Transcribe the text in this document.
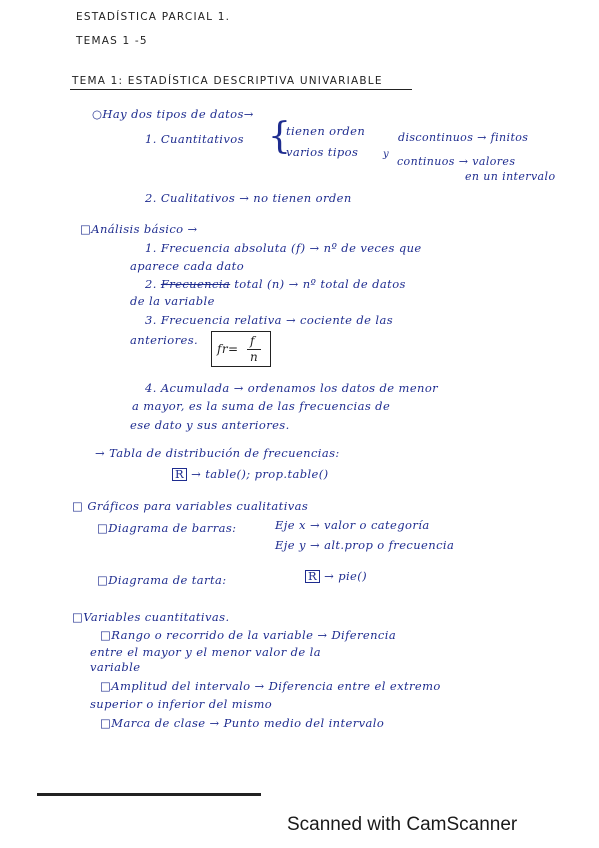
ESTADÍSTICA PARCIAL 1.
TEMAS 1 -5
TEMA 1: ESTADÍSTICA DESCRIPTIVA UNIVARIABLE
○Hay dos tipos de datos→
1. Cuantitativos {
tienen orden
varios tipos y
discontinuos → finitos
continuos → valores
en un intervalo
2. Cualitativos → no tienen orden
□Análisis básico →
1. Frecuencia absoluta (f) → nº de veces que
aparece cada dato
2. Frecuencia total (n) → nº total de datos
de la variable
3. Frecuencia relativa → cociente de las
anteriores.
fr=
f
n
4. Acumulada → ordenamos los datos de menor
a mayor, es la suma de las frecuencias de
ese dato y sus anteriores.
→ Tabla de distribución de frecuencias:
R → table(); prop.table()
□ Gráficos para variables cualitativas
□Diagrama de barras:	Eje x → valor o categoría
Eje y → alt.prop o frecuencia
□Diagrama de tarta:	R → pie()
□Variables cuantitativas.
□Rango o recorrido de la variable → Diferencia
entre el mayor y el menor valor de la
variable
□Amplitud del intervalo → Diferencia entre el extremo
superior o inferior del mismo
□Marca de clase → Punto medio del intervalo
Scanned with CamScanner
